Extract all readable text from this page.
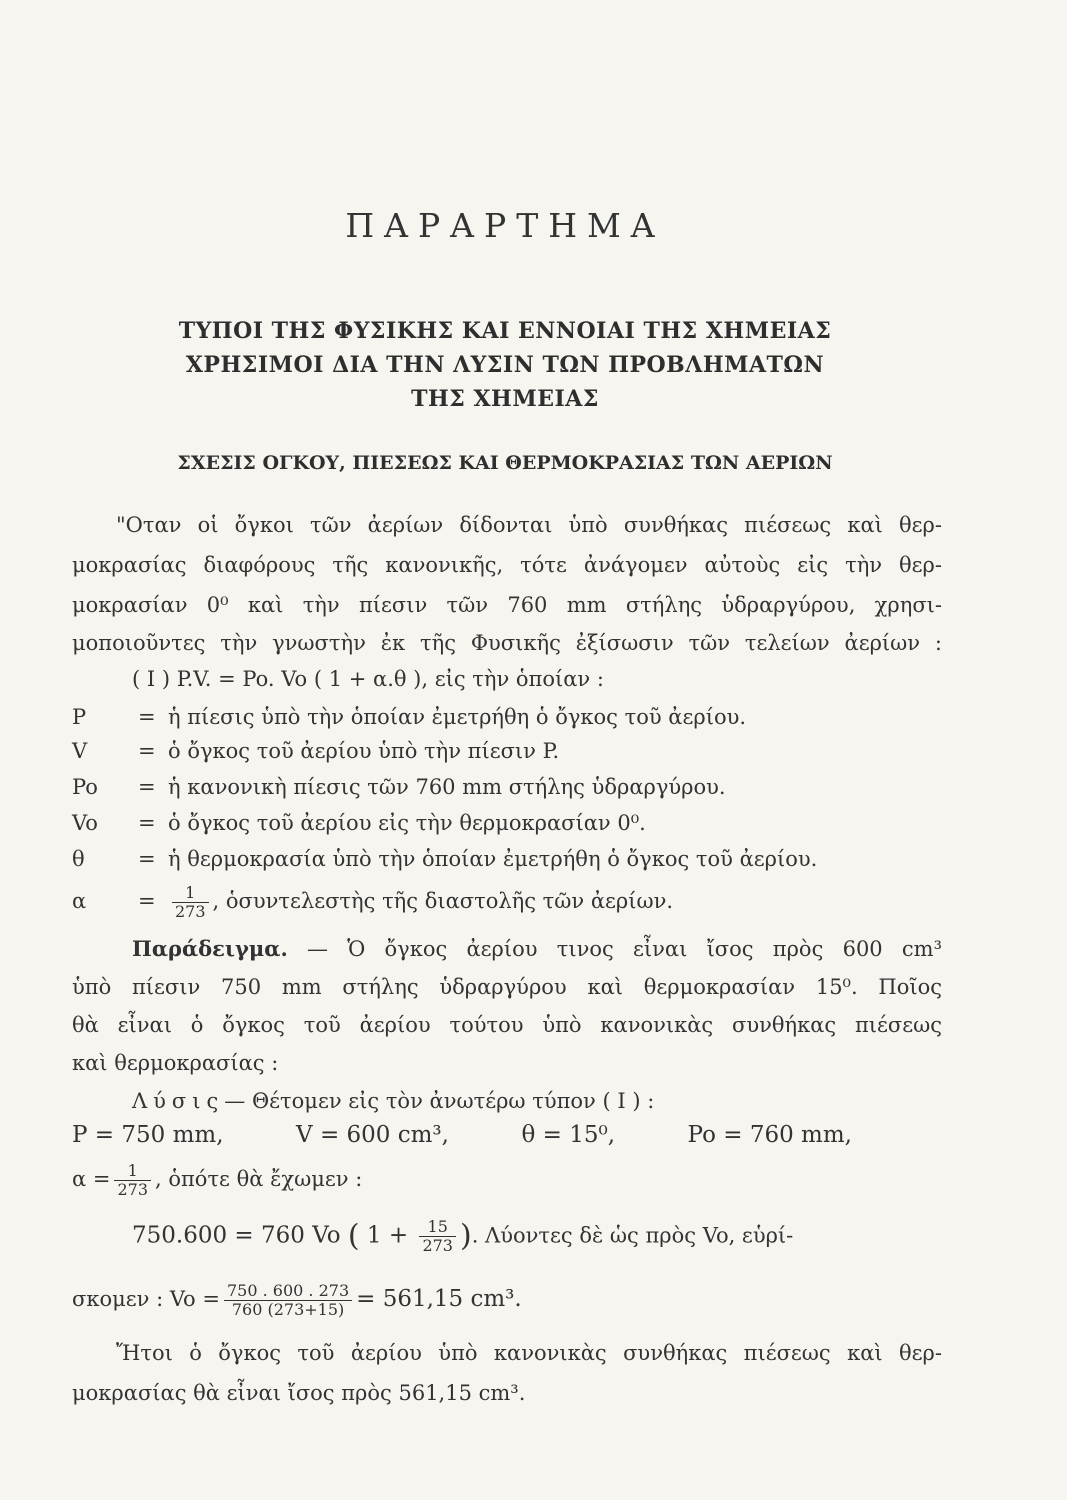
ΠΑΡΑΡΤΗΜΑ
ΤΥΠΟΙ ΤΗΣ ΦΥΣΙΚΗΣ ΚΑΙ ΕΝΝΟΙΑΙ ΤΗΣ ΧΗΜΕΙΑΣ
ΧΡΗΣΙΜΟΙ ΔΙΑ ΤΗΝ ΛΥΣΙΝ ΤΩΝ ΠΡΟΒΛΗΜΑΤΩΝ
ΤΗΣ ΧΗΜΕΙΑΣ
ΣΧΕΣΙΣ ΟΓΚΟΥ, ΠΙΕΣΕΩΣ ΚΑΙ ΘΕΡΜΟΚΡΑΣΙΑΣ ΤΩΝ ΑΕΡΙΩΝ
"Οταν οἱ ὄγκοι τῶν ἀερίων δίδονται ὑπὸ συνθήκας πιέσεως καὶ θερ-
μοκρασίας διαφόρους τῆς κανονικῆς, τότε ἀνάγομεν αὐτοὺς εἰς τὴν θερ-
μοκρασίαν 0⁰ καὶ τὴν πίεσιν τῶν 760 mm στήλης ὑδραργύρου, χρησι-
μοποιοῦντες τὴν γνωστὴν ἐκ τῆς Φυσικῆς ἐξίσωσιν τῶν τελείων ἀερίων :
( I ) P.V. = Po. Vo ( 1 + α.θ ), εἰς τὴν ὁποίαν :
P = ἡ πίεσις ὑπὸ τὴν ὁποίαν ἐμετρήθη ὁ ὄγκος τοῦ ἀερίου.
V = ὁ ὄγκος τοῦ ἀερίου ὑπὸ τὴν πίεσιν P.
Po = ἡ κανονικὴ πίεσις τῶν 760 mm στήλης ὑδραργύρου.
Vo = ὁ ὄγκος τοῦ ἀερίου εἰς τὴν θερμοκρασίαν 0⁰.
θ	= ἡ θερμοκρασία ὑπὸ τὴν ὁποίαν ἐμετρήθη ὁ ὄγκος τοῦ ἀερίου.
$\alpha = \frac{1}{273}$ , ὁσυντελεστὴς τῆς διαστολῆς τῶν ἀερίων.
Παράδειγμα. — Ὁ ὄγκος ἀερίου τινος εἶναι ἴσος πρὸς 600 cm³
ὑπὸ πίεσιν 750 mm στήλης ὑδραργύρου καὶ θερμοκρασίαν 15⁰. Ποῖος
θὰ εἶναι ὁ ὄγκος τοῦ ἀερίου τούτου ὑπὸ κανονικὰς συνθήκας πιέσεως
καὶ θερμοκρασίας :
Λύσις— Θέτομεν εἰς τὸν ἀνωτέρω τύπον ( I ) :
P = 750 mm,	V = 600 cm³,	θ = 15⁰,	Po = 760 mm,
$\alpha = \frac{1}{273}$ , ὁπότε θὰ ἔχωμεν :
750.600 = 760 Vo ( $1 + \frac{15}{273}$ ). Λύοντες δὲ ὡς πρὸς Vo, εὑρί-
σκομεν : $Vo = \frac{750 . 600 . 273}{760 (273+15)} = 561,15$ cm³.
Ἤτοι ὁ ὄγκος τοῦ ἀερίου ὑπὸ κανονικὰς συνθήκας πιέσεως καὶ θερ-
μοκρασίας θὰ εἶναι ἴσος πρὸς 561,15 cm³.
